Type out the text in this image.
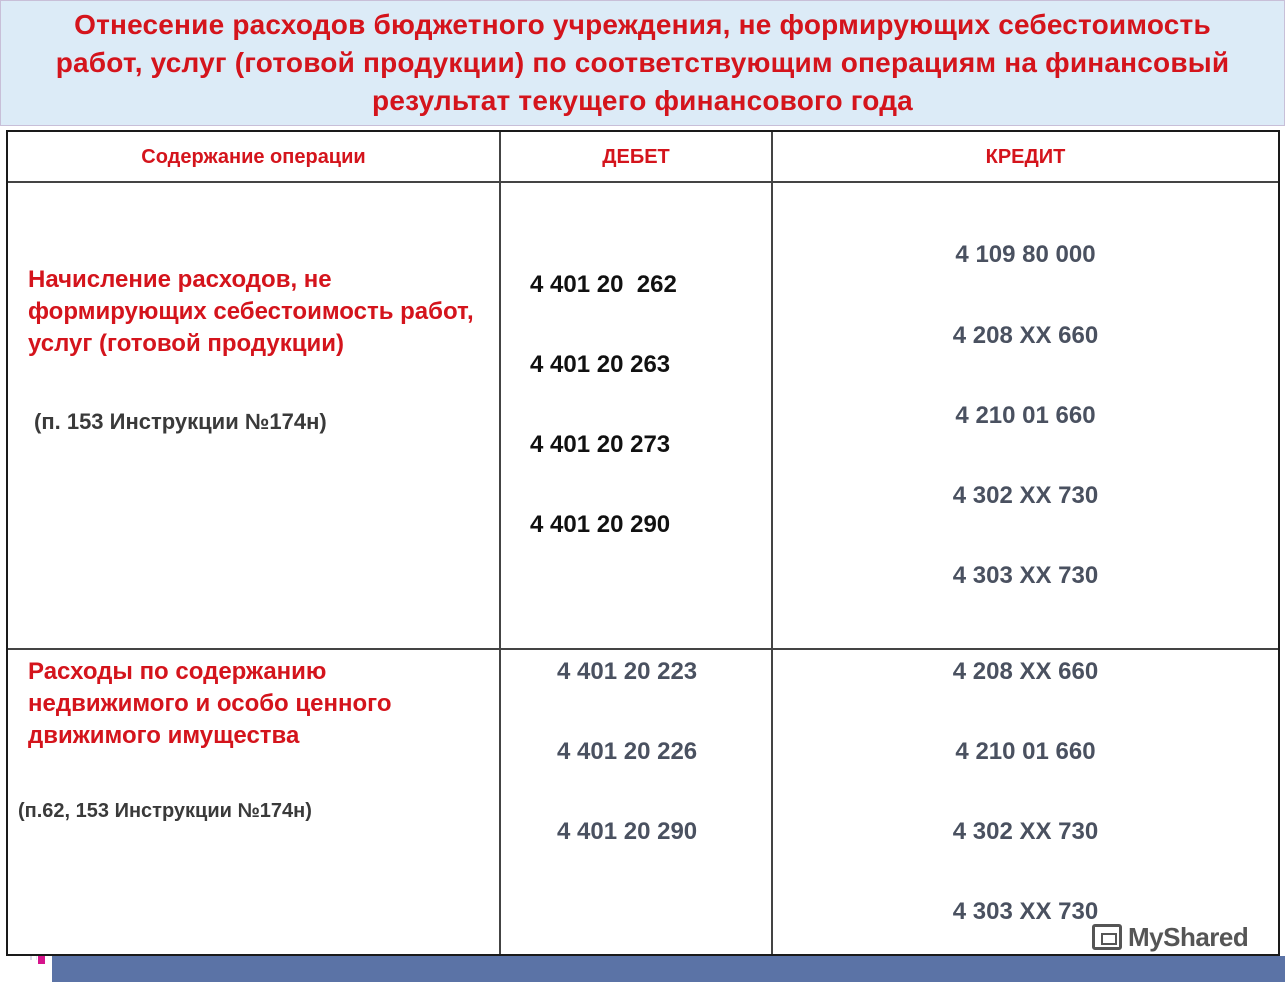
Отнесение расходов бюджетного учреждения, не формирующих себестоимость работ, услуг (готовой продукции) по соответствующим операциям на финансовый результат текущего финансового года
Содержание операции	ДЕБЕТ	КРЕДИТ
Начисление расходов, не формирующих себестоимость работ, услуг (готовой продукции)
(п. 153 Инструкции №174н)
4 401 20  262
4 401 20 263
4 401 20 273
4 401 20 290
4 109 80 000
4 208 ХХ 660
4 210 01 660
4 302 ХХ 730
4 303 ХХ 730
Расходы по содержанию недвижимого и особо ценного движимого имущества
(п.62, 153 Инструкции №174н)
4 401 20 223
4 401 20 226
4 401 20 290
4 208 ХХ 660
4 210 01 660
4 302 ХХ 730
4 303 ХХ 730
MyShared
